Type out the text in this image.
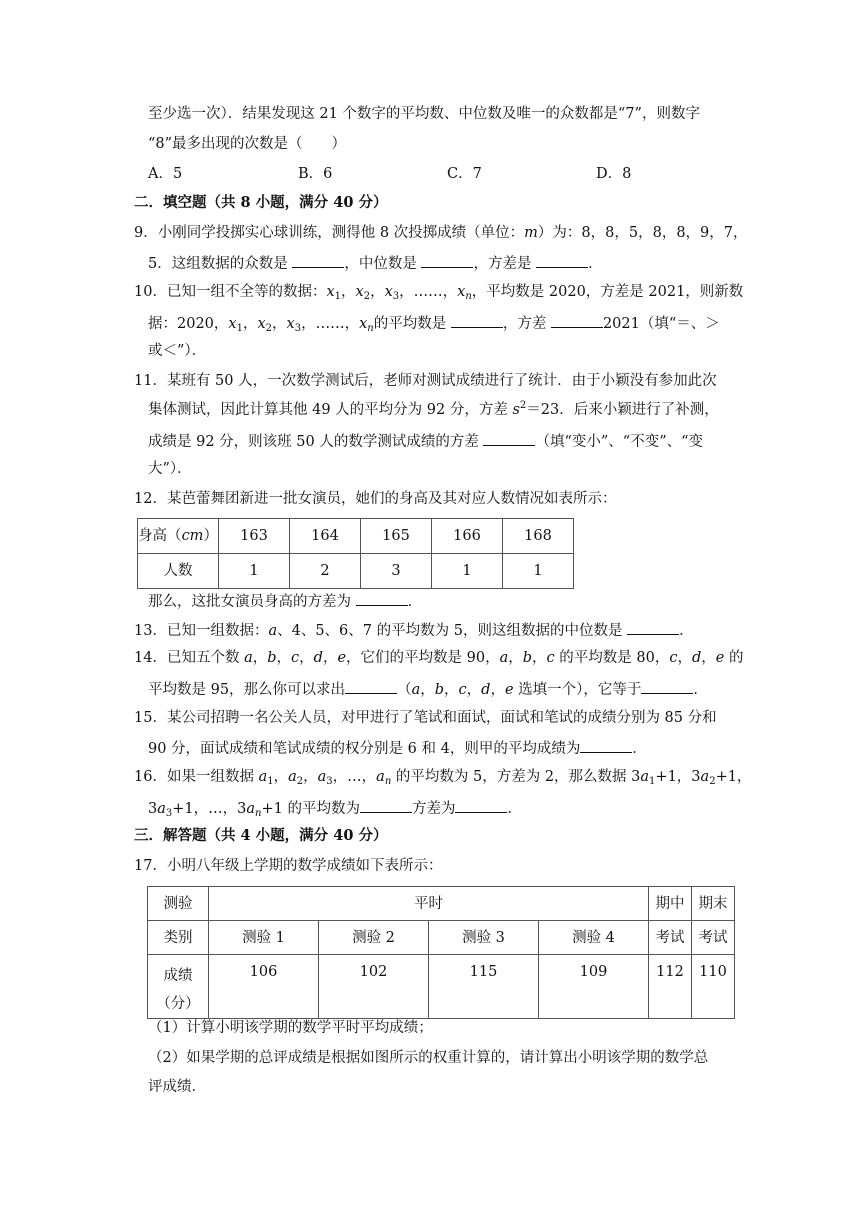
至少选一次）．结果发现这 21 个数字的平均数、中位数及唯一的众数都是“7”，则数字
“8”最多出现的次数是（　　）
A．5	B．6	C．7	D．8
二．填空题（共 8 小题，满分 40 分）
9．小刚同学投掷实心球训练，测得他 8 次投掷成绩（单位：m）为：8，8，5，8，8，9，7，
5．这组数据的众数是	，中位数是	，方差是	．
10．已知一组不全等的数据：$x_1$，$x_2$，$x_3$，……，$x_n$，平均数是 2020，方差是 2021，则新数
据：2020，$x_1$，$x_2$，$x_3$，……，$x_n$的平均数是	，方差	2021（填“＝、＞
或＜”）．
11．某班有 50 人，一次数学测试后，老师对测试成绩进行了统计．由于小颖没有参加此次
集体测试，因此计算其他 49 人的平均分为 92 分，方差 $s^2=23$．后来小颖进行了补测，
成绩是 92 分，则该班 50 人的数学测试成绩的方差	（填“变小”、“不变”、“变
大”）．
12．某芭蕾舞团新进一批女演员，她们的身高及其对应人数情况如表所示：
身高（cm）	163	164	165	166	168
人数	1	2	3	1	1
那么，这批女演员身高的方差为	．
13．已知一组数据：a、4、5、6、7 的平均数为 5，则这组数据的中位数是	．
14．已知五个数 a，b，c，d，e，它们的平均数是 90，a，b，c 的平均数是 80，c，d，e 的
平均数是 95，那么你可以求出	（a，b，c，d，e 选填一个），它等于	．
15．某公司招聘一名公关人员，对甲进行了笔试和面试，面试和笔试的成绩分别为 85 分和
90 分，面试成绩和笔试成绩的权分别是 6 和 4，则甲的平均成绩为	．
16．如果一组数据 $a_1$，$a_2$，$a_3$，…，$a_n$ 的平均数为 5，方差为 2，那么数据 $3a_1+1$，$3a_2+1$，
$3a_3+1$，…，$3a_n+1$ 的平均数为	方差为	．
三．解答题（共 4 小题，满分 40 分）
17．小明八年级上学期的数学成绩如下表所示：
测验	平时				期中	期末
类别	测验 1	测验 2	测验 3	测验 4	考试	考试

成绩
（分）	106	102	115	109	112	110
（1）计算小明该学期的数学平时平均成绩；
（2）如果学期的总评成绩是根据如图所示的权重计算的，请计算出小明该学期的数学总
评成绩．
